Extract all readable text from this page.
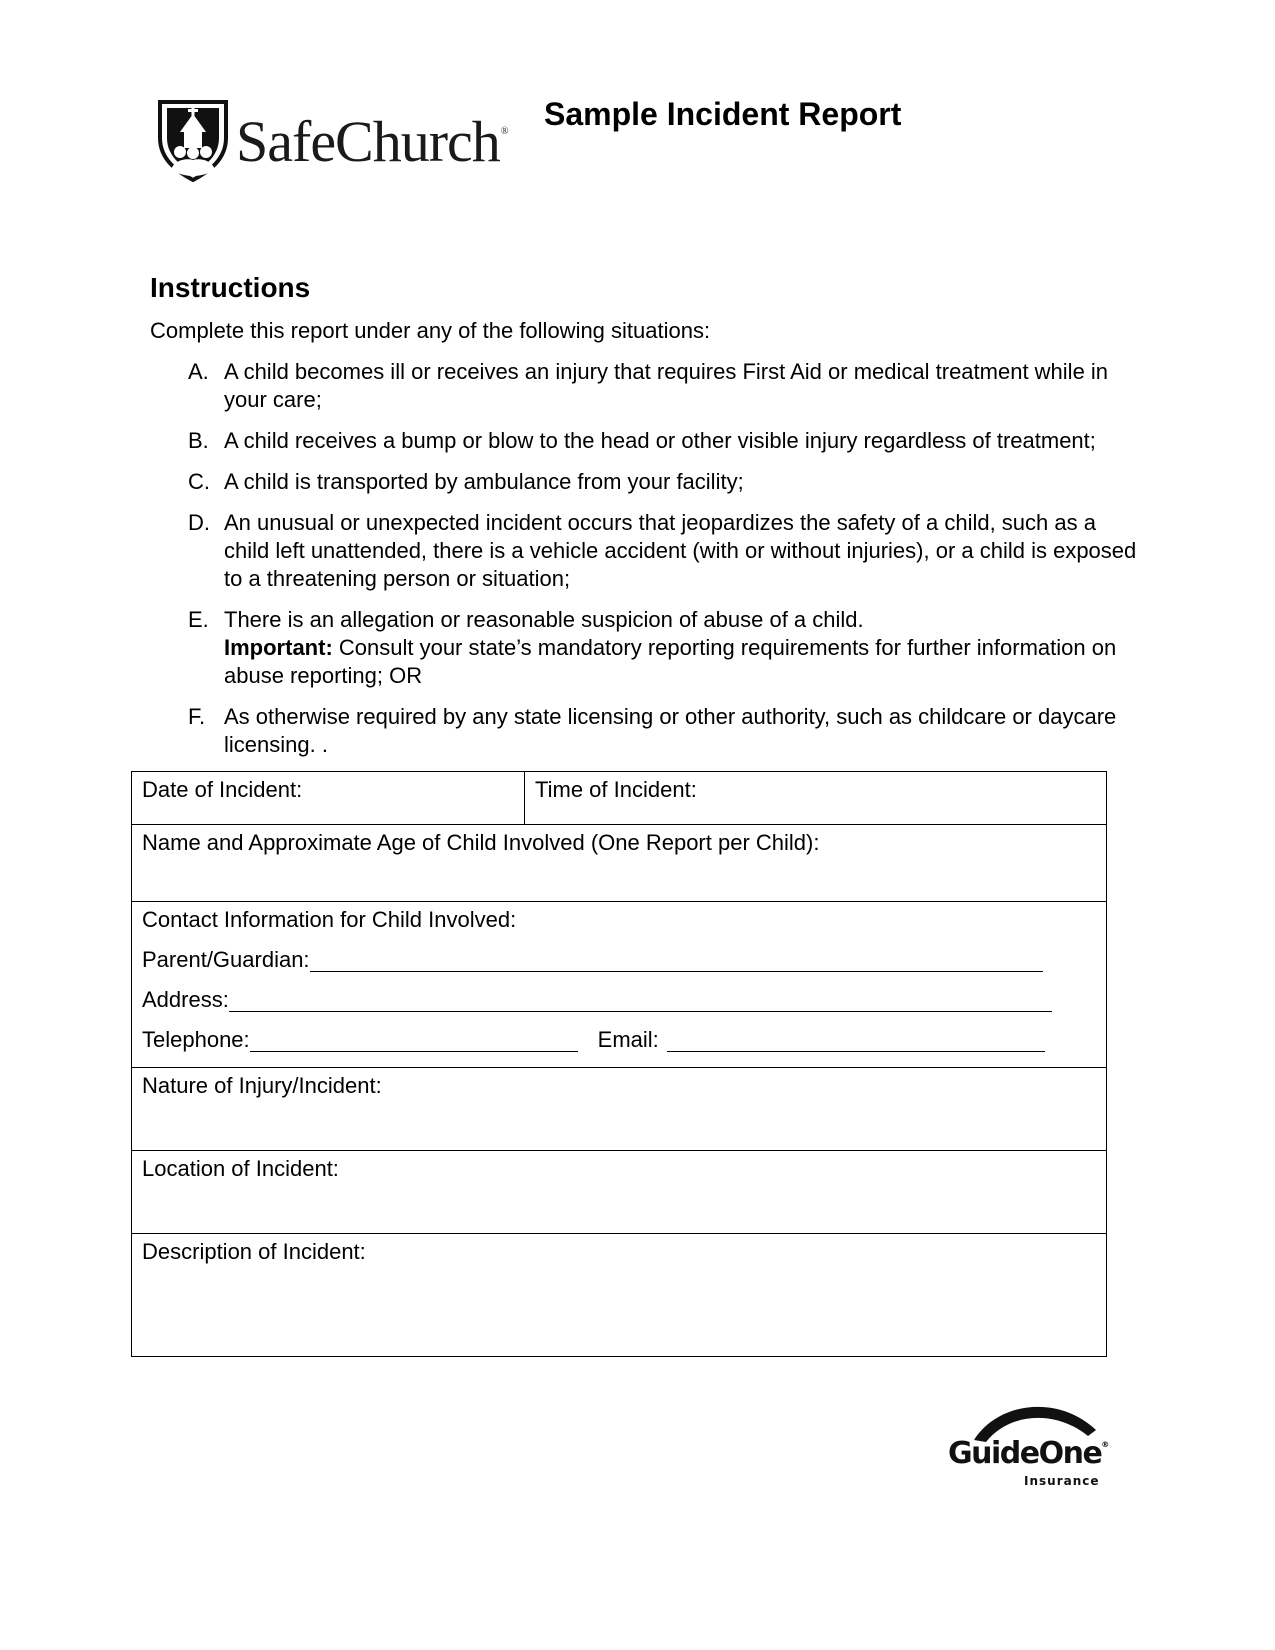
SafeChurch® Sample Incident Report
Instructions
Complete this report under any of the following situations:
A. A child becomes ill or receives an injury that requires First Aid or medical treatment while in your care;
B. A child receives a bump or blow to the head or other visible injury regardless of treatment;
C. A child is transported by ambulance from your facility;
D. An unusual or unexpected incident occurs that jeopardizes the safety of a child, such as a child left unattended, there is a vehicle accident (with or without injuries), or a child is exposed to a threatening person or situation;
E. There is an allegation or reasonable suspicion of abuse of a child.
Important: Consult your state’s mandatory reporting requirements for further information on abuse reporting; OR
F. As otherwise required by any state licensing or other authority, such as childcare or daycare licensing. .
Date of Incident:	Time of Incident:
Name and Approximate Age of Child Involved (One Report per Child):

Contact Information for Child Involved:
Parent/Guardian:
Address:
Telephone:	Email:

Nature of Injury/Incident:
Location of Incident:
Description of Incident:
GuideOne®
Insurance
